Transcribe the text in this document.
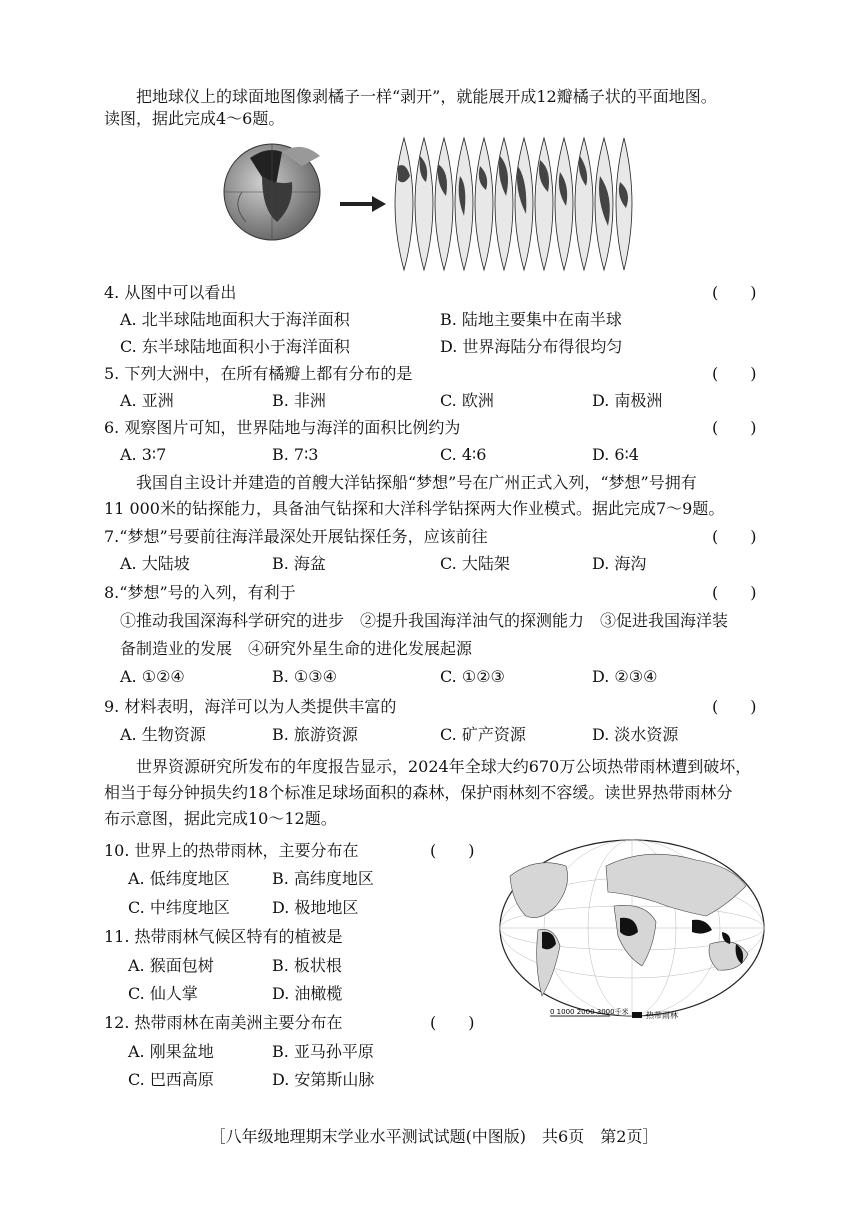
把地球仪上的球面地图像剥橘子一样“剥开”，就能展开成12瓣橘子状的平面地图。
读图，据此完成4～6题。
4. 从图中可以看出	(　　)
A. 北半球陆地面积大于海洋面积	B. 陆地主要集中在南半球
C. 东半球陆地面积小于海洋面积	D. 世界海陆分布得很均匀
5. 下列大洲中，在所有橘瓣上都有分布的是	(　　)
A. 亚洲	B. 非洲	C. 欧洲	D. 南极洲
6. 观察图片可知，世界陆地与海洋的面积比例约为	(　　)
A. 3∶7	B. 7∶3	C. 4∶6	D. 6∶4
我国自主设计并建造的首艘大洋钻探船“梦想”号在广州正式入列，“梦想”号拥有
11 000米的钻探能力，具备油气钻探和大洋科学钻探两大作业模式。据此完成7～9题。
7.“梦想”号要前往海洋最深处开展钻探任务，应该前往	(　　)
A. 大陆坡	B. 海盆	C. 大陆架	D. 海沟
8.“梦想”号的入列，有利于	(　　)
①推动我国深海科学研究的进步　②提升我国海洋油气的探测能力　③促进我国海洋装
备制造业的发展　④研究外星生命的进化发展起源
A. ①②④	B. ①③④	C. ①②③	D. ②③④
9. 材料表明，海洋可以为人类提供丰富的	(　　)
A. 生物资源	B. 旅游资源	C. 矿产资源	D. 淡水资源
世界资源研究所发布的年度报告显示，2024年全球大约670万公顷热带雨林遭到破坏，
相当于每分钟损失约18个标准足球场面积的森林，保护雨林刻不容缓。读世界热带雨林分
布示意图，据此完成10～12题。
10. 世界上的热带雨林，主要分布在	(　　)
A. 低纬度地区	B. 高纬度地区
C. 中纬度地区	D. 极地地区
11. 热带雨林气候区特有的植被是
A. 猴面包树	B. 板状根
C. 仙人掌	D. 油橄榄
12. 热带雨林在南美洲主要分布在	(　　)
A. 刚果盆地	B. 亚马孙平原
C. 巴西高原	D. 安第斯山脉
0 1000 2000 3000千米 热带雨林
［八年级地理期末学业水平测试试题(中图版)　共6页　第2页］
